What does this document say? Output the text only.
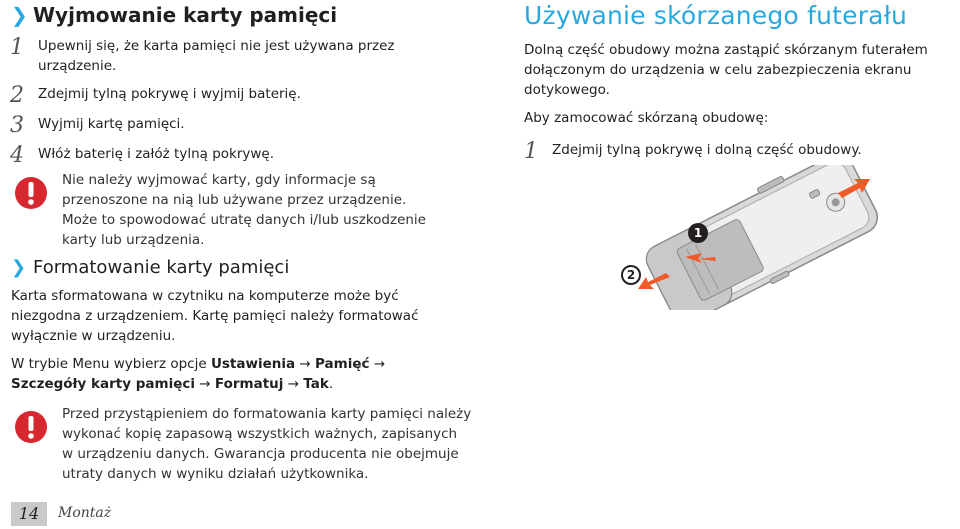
❯ Wyjmowanie karty pamięci
1	Upewnij się, że karta pamięci nie jest używana przez urządzenie.
2	Zdejmij tylną pokrywę i wyjmij baterię.
3	Wyjmij kartę pamięci.
4	Włóż baterię i załóż tylną pokrywę.
Nie należy wyjmować karty, gdy informacje są przenoszone na nią lub używane przez urządzenie. Może to spowodować utratę danych i/lub uszkodzenie karty lub urządzenia.
❯ Formatowanie karty pamięci
Karta sformatowana w czytniku na komputerze może być niezgodna z urządzeniem. Kartę pamięci należy formatować wyłącznie w urządzeniu.
W trybie Menu wybierz opcje Ustawienia → Pamięć →
Szczegóły karty pamięci → Formatuj → Tak.
Przed przystąpieniem do formatowania karty pamięci należy wykonać kopię zapasową wszystkich ważnych, zapisanych w urządzeniu danych. Gwarancja producenta nie obejmuje utraty danych w wyniku działań użytkownika.
14	Montaż
Używanie skórzanego futerału
Dolną część obudowy można zastąpić skórzanym futerałem dołączonym do urządzenia w celu zabezpieczenia ekranu dotykowego.
Aby zamocować skórzaną obudowę:
1	Zdejmij tylną pokrywę i dolną część obudowy.
1
2
